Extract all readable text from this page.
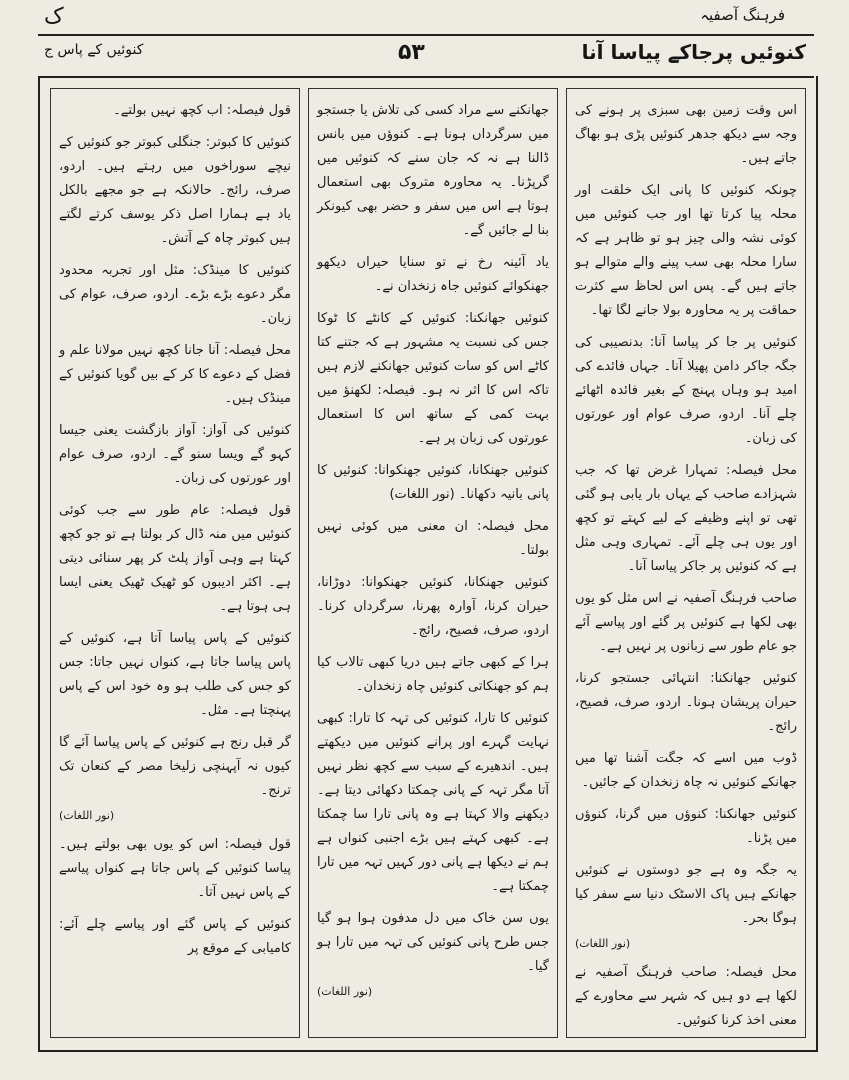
ک	فرہنگ آصفیہ
کنوئیں کے پاس ج	۵۳	کنوئیں پرجاکے پیاسا آنا

اس وقت زمین بھی سبزی پر ہونے کی وجہ سے دیکھ جدھر کنوئیں پڑی ہو بھاگ جاتے ہیں۔

چونکہ کنوئیں کا پانی ایک خلقت اور محلہ پیا کرتا تھا اور جب کنوئیں میں کوئی نشہ والی چیز ہو تو ظاہر ہے کہ سارا محلہ بھی سب پینے والے متوالے ہو جاتے ہیں گے۔ پس اس لحاظ سے کثرت حماقت پر یہ محاورہ بولا جانے لگا تھا۔

کنوئیں پر جا کر پیاسا آنا: بدنصیبی کی جگہ جاکر دامن پھیلا آنا۔ جہاں فائدے کی امید ہو وہاں پہنچ کے بغیر فائدہ اٹھائے چلے آنا۔ اردو، صرف عوام اور عورتوں کی زبان۔

محل فیصلہ: تمہارا غرض تھا کہ جب شہزادے صاحب کے یہاں بار یابی ہو گئی تھی تو اپنے وظیفے کے لیے کہتے تو کچھ اور یوں ہی چلے آئے۔ تمہاری وہی مثل ہے کہ کنوئیں پر جاکر پیاسا آنا۔

صاحب فرہنگ آصفیہ نے اس مثل کو یوں بھی لکھا ہے کنوئیں پر گئے اور پیاسے آئے جو عام طور سے زبانوں پر نہیں ہے۔

کنوئیں جھانکنا: انتہائی جستجو کرنا، حیران پریشان ہونا۔ اردو، صرف، فصیح، رائج۔

ڈوب میں اسے کہ جگت آشنا تھا میں جھانکے کنوئیں نہ چاہ زنخدان کے جائیں۔

کنوئیں جھانکنا: کنوؤں میں گرنا، کنوؤں میں پڑنا۔

یہ جگہ وہ ہے جو دوستوں نے کنوئیں جھانکے ہیں پاک الاسٹک دنیا سے سفر کیا ہوگا بحر۔

(نور اللغات)

محل فیصلہ: صاحب فرہنگ آصفیہ نے لکھا ہے دو ہیں کہ شہر سے محاورے کے معنی اخذ کرنا کنوئیں۔

جھانکنے سے مراد کسی کی تلاش یا جستجو میں سرگرداں ہونا ہے۔ کنوؤں میں بانس ڈالنا ہے نہ کہ جان سنے کہ کنوئیں میں گرپڑنا۔ یہ محاورہ متروک بھی استعمال ہوتا ہے اس میں سفر و حضر بھی کیونکر بنا لے جائیں گے۔

یاد آئینہ رخ نے تو سنایا حیراں دیکھو جھنکوائے کنوئیں جاہ زنخدان نے۔

کنوئیں جھانکنا: کنوئیں کے کانٹے کا ٹوکا جس کی نسبت یہ مشہور ہے کہ جتنے کتا کاٹے اس کو سات کنوئیں جھانکنے لازم ہیں تاکہ اس کا اثر نہ ہو۔ فیصلہ: لکھنؤ میں بہت کمی کے ساتھ اس کا استعمال عورتوں کی زبان پر ہے۔

کنوئیں جھنکانا، کنوئیں جھنکوانا: کنوئیں کا پانی بانیہ دکھانا۔ (نور اللغات)

محل فیصلہ: ان معنی میں کوئی نہیں بولتا۔

کنوئیں جھنکانا، کنوئیں جھنکوانا: دوڑانا، حیران کرنا، آوارہ پھرنا، سرگرداں کرنا۔ اردو، صرف، فصیح، رائج۔

ہرا کے کبھی جاتے ہیں دریا کبھی تالاب کیا ہم کو جھنکاتی کنوئیں چاہ زنخدان۔

کنوئیں کا تارا، کنوئیں کی تہہ کا تارا: کبھی نہایت گہرے اور پرانے کنوئیں میں دیکھتے ہیں۔ اندھیرے کے سبب سے کچھ نظر نہیں آتا مگر تہہ کے پانی چمکتا دکھائی دیتا ہے۔ دیکھنے والا کہتا ہے وہ پانی تارا سا چمکتا ہے۔ کبھی کہتے ہیں بڑے اجنبی کنواں ہے ہم نے دیکھا ہے پانی دور کہیں تہہ میں تارا چمکتا ہے۔

یوں سن خاک میں دل مدفون ہوا ہو گیا جس طرح پانی کنوئیں کی تہہ میں تارا ہو گیا۔

(نور اللغات)

قول فیصلہ: اب کچھ نہیں بولتے۔

کنوئیں کا کبوتر: جنگلی کبوتر جو کنوئیں کے نیچے سوراخوں میں رہتے ہیں۔ اردو، صرف، رائج۔ حالانکہ ہے جو مجھے بالکل یاد ہے ہمارا اصل ذکر یوسف کرتے لگتے ہیں کبوتر چاہ کے آتش۔

کنوئیں کا مینڈک: مثل اور تجربہ محدود مگر دعوے بڑے بڑے۔ اردو، صرف، عوام کی زبان۔

محل فیصلہ: آنا جانا کچھ نہیں مولانا علم و فضل کے دعوے کا کر کے بیں گویا کنوئیں کے مینڈک ہیں۔

کنوئیں کی آواز: آواز بازگشت یعنی جیسا کہو گے ویسا سنو گے۔ اردو، صرف عوام اور عورتوں کی زبان۔

قول فیصلہ: عام طور سے جب کوئی کنوئیں میں منہ ڈال کر بولتا ہے تو جو کچھ کہتا ہے وہی آواز پلٹ کر پھر سنائی دیتی ہے۔ اکثر ادیبوں کو ٹھیک ٹھیک یعنی ایسا ہی ہوتا ہے۔

کنوئیں کے پاس پیاسا آتا ہے، کنوئیں کے پاس پیاسا جاتا ہے، کنواں نہیں جاتا: جس کو جس کی طلب ہو وہ خود اس کے پاس پہنچتا ہے۔ مثل۔

گر قبل رنج ہے کنوئیں کے پاس پیاسا آئے گا کیوں نہ آپہنچی زلیخا مصر کے کنعان تک ترنج۔

(نور اللغات)

قول فیصلہ: اس کو یوں بھی بولتے ہیں۔ پیاسا کنوئیں کے پاس جاتا ہے کنواں پیاسے کے پاس نہیں آتا۔

کنوئیں کے پاس گئے اور پیاسے چلے آئے: کامیابی کے موقع پر
